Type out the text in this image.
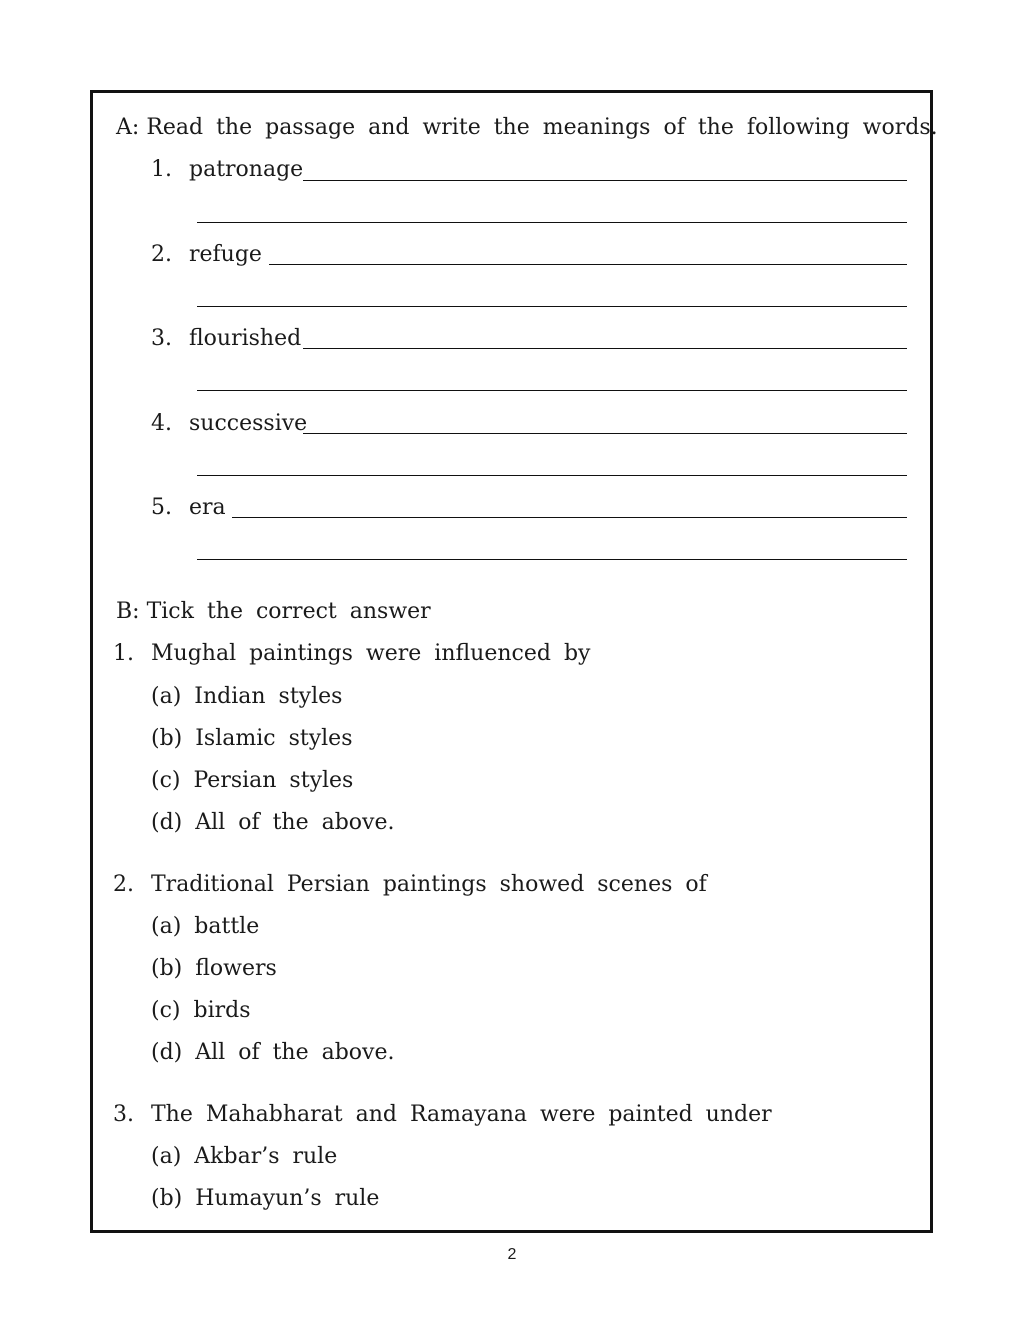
A: Read the passage and write the meanings of the following words.
1. patronage
2. refuge
3. flourished
4. successive
5. era
B: Tick the correct answer
1. Mughal paintings were influenced by
(a) Indian styles
(b) Islamic styles
(c) Persian styles
(d) All of the above.
2. Traditional Persian paintings showed scenes of
(a) battle
(b) flowers
(c) birds
(d) All of the above.
3. The Mahabharat and Ramayana were painted under
(a) Akbar’s rule
(b) Humayun’s rule
2
